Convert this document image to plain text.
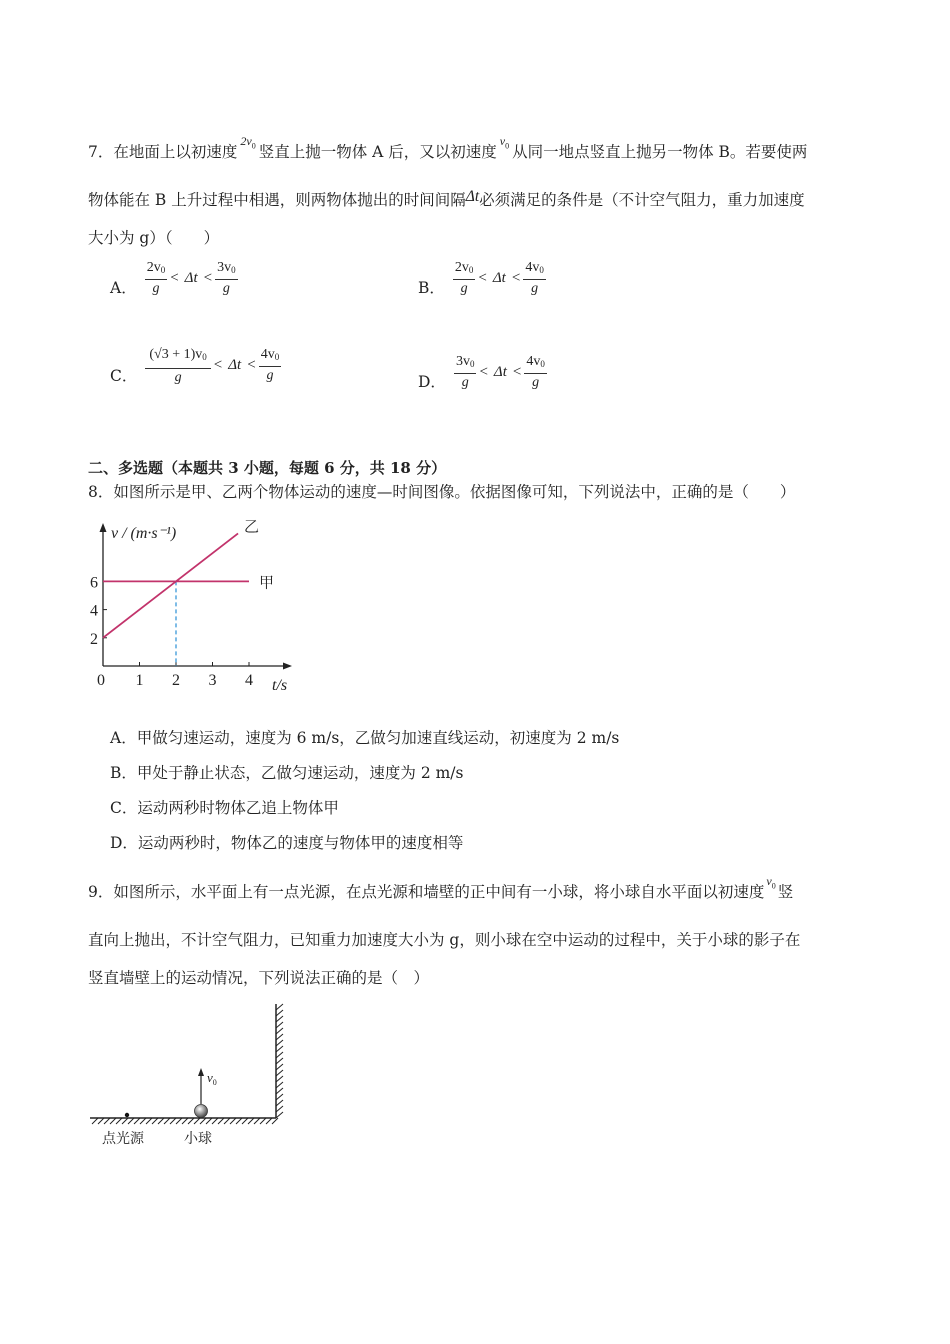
7．在地面上以初速度$^{2v_0}$ 竖直上抛一物体 A 后，又以初速度$^{v_0}$ 从同一地点竖直上抛另一物体 B。若要使两
物体能在 B 上升过程中相遇，则两物体抛出的时间间隔Δt必须满足的条件是（不计空气阻力，重力加速度
大小为 g）（　　）
A． $\frac{2v_0}{g} < \Delta t < \frac{3v_0}{g}$	B． $\frac{2v_0}{g} < \Delta t < \frac{4v_0}{g}$
C． $\frac{(√3 + 1)v_0}{g} < \Delta t < \frac{4v_0}{g}$	D． $\frac{3v_0}{g} < \Delta t < \frac{4v_0}{g}$
二、多选题（本题共 3 小题，每题 6 分，共 18 分）
8．如图所示是甲、乙两个物体运动的速度—时间图像。依据图像可知，下列说法中，正确的是（　　）
0 1 2 3 4
2
4
6	甲
乙
v / (m·s⁻¹)
t/s
A．甲做匀速运动，速度为 6 m/s，乙做匀加速直线运动，初速度为 2 m/s
B．甲处于静止状态，乙做匀速运动，速度为 2 m/s
C．运动两秒时物体乙追上物体甲
D．运动两秒时，物体乙的速度与物体甲的速度相等
9．如图所示，水平面上有一点光源，在点光源和墙壁的正中间有一小球，将小球自水平面以初速度$^{v_0}$ 竖
直向上抛出，不计空气阻力，已知重力加速度大小为 g，则小球在空中运动的过程中，关于小球的影子在
竖直墙壁上的运动情况，下列说法正确的是（　）
$v_0$
点光源	小球
